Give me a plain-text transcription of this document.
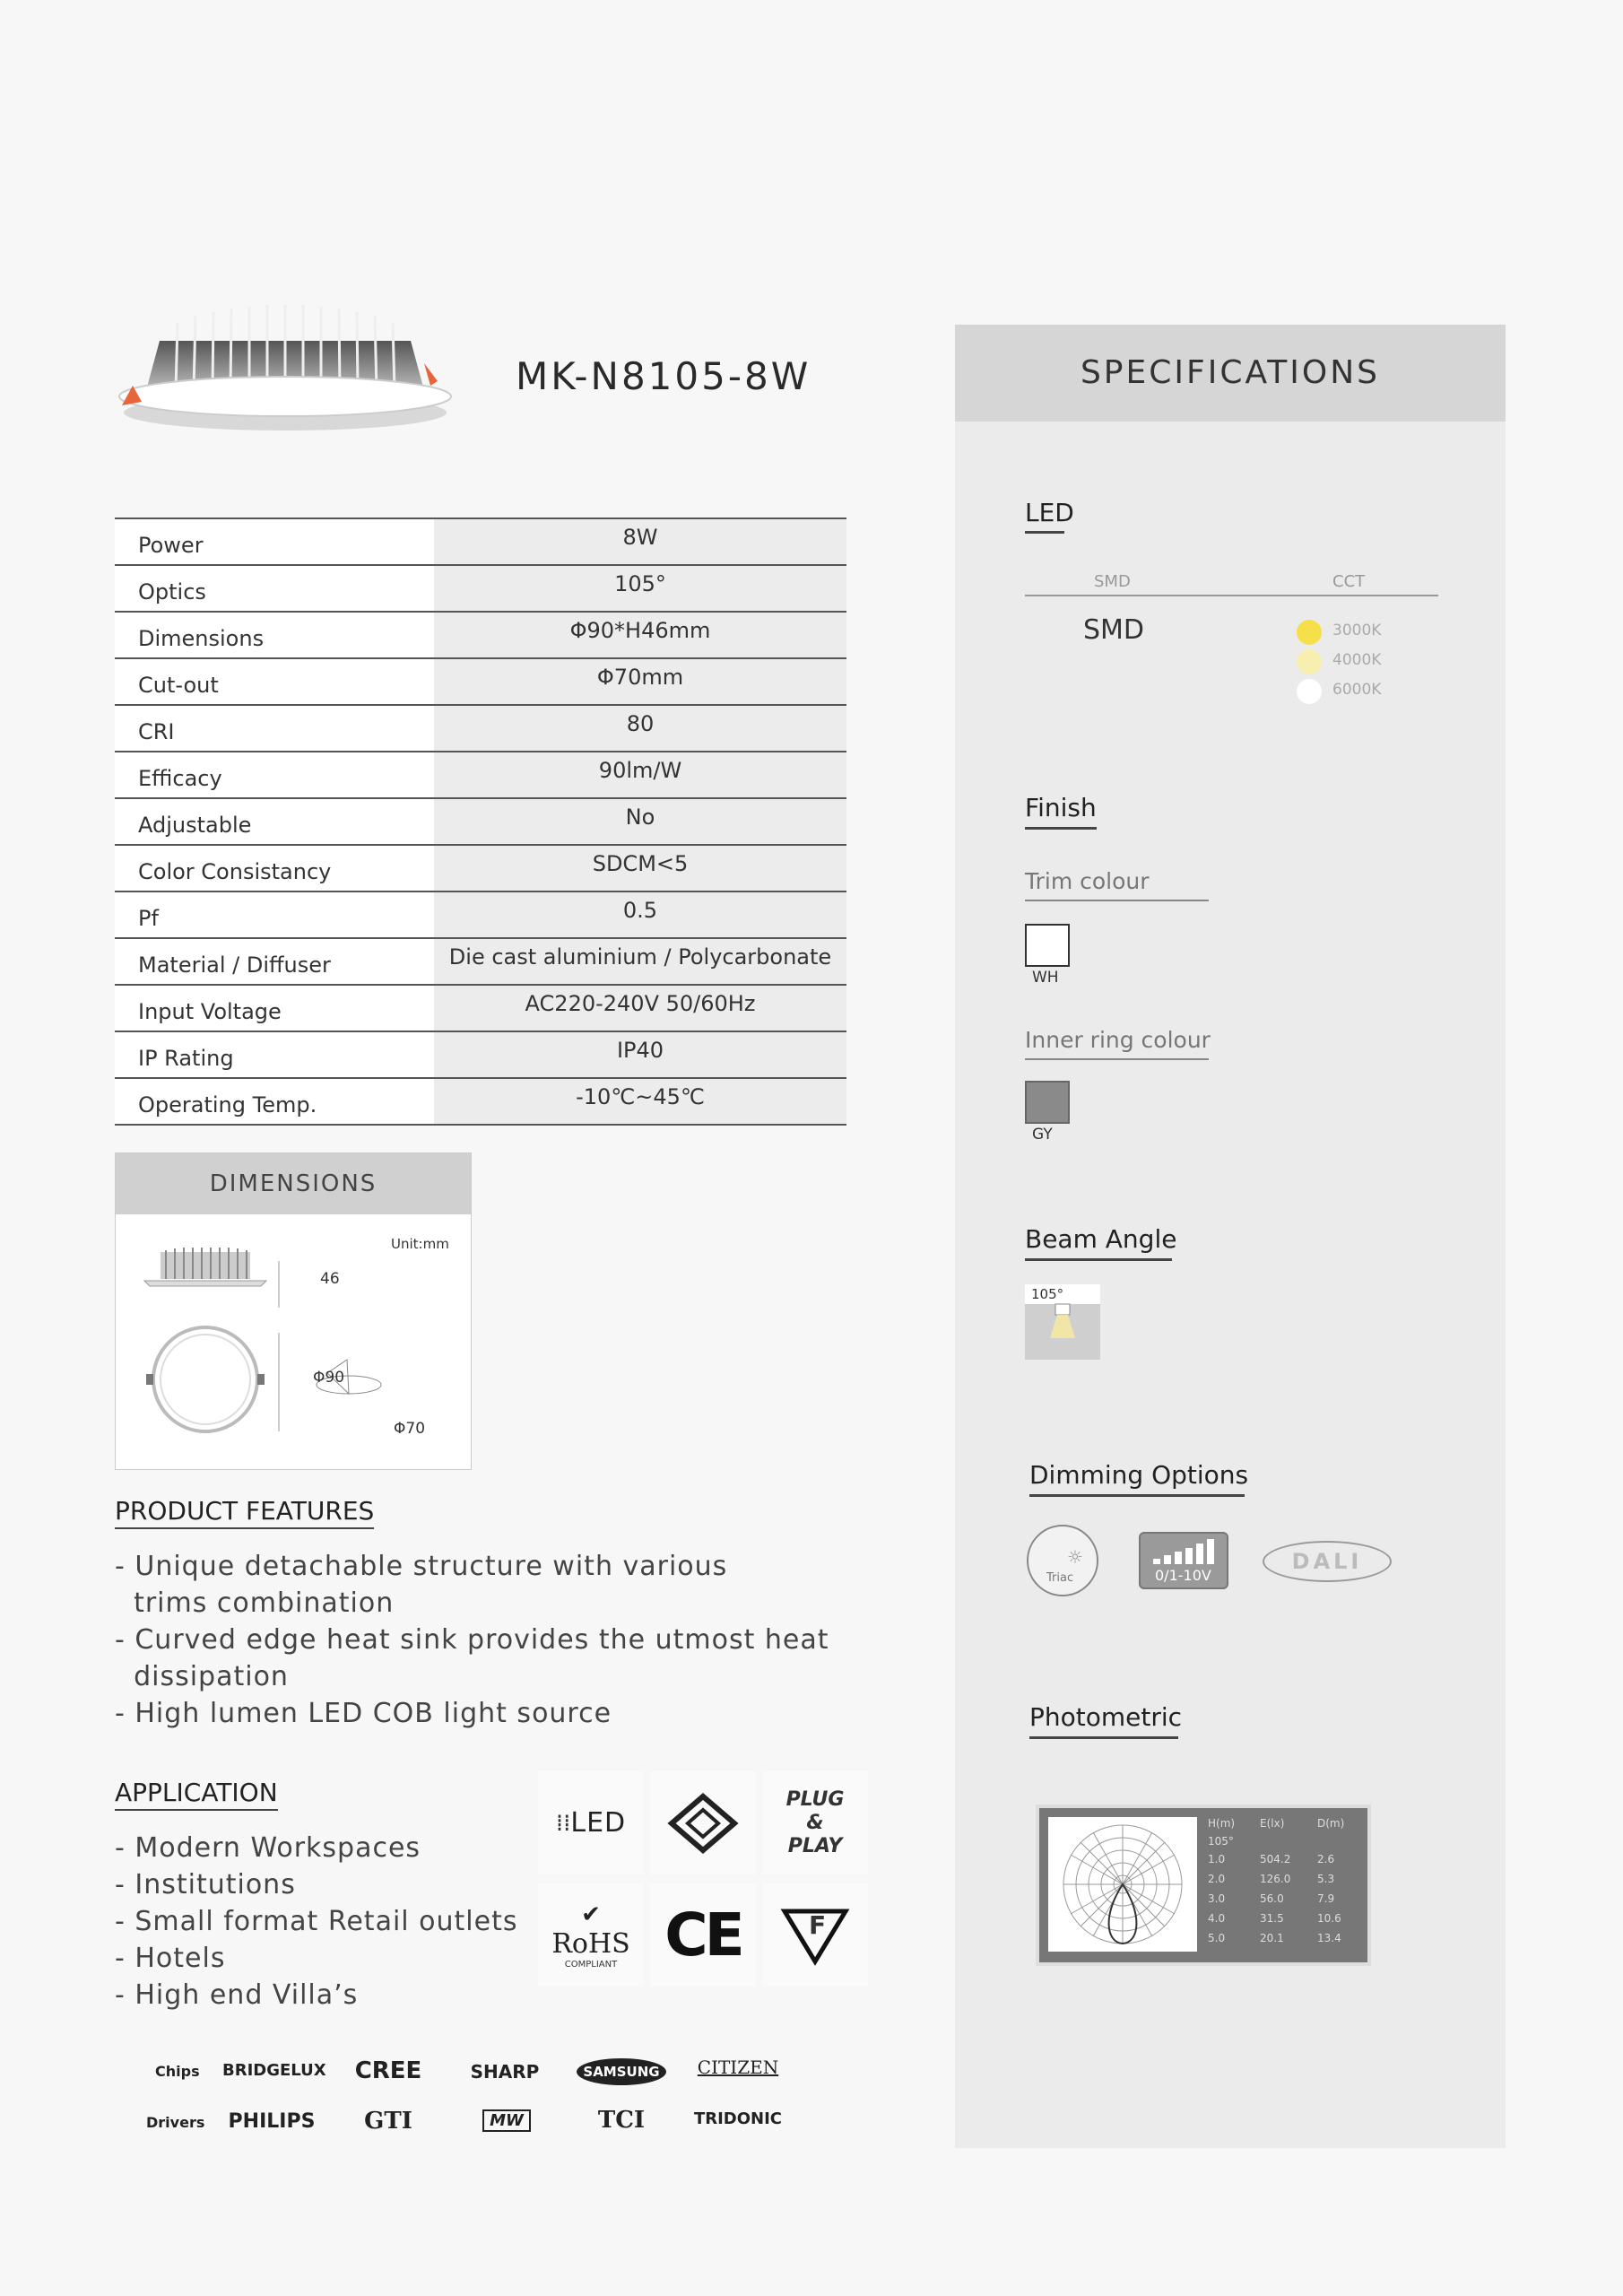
MK-N8105-8W
Power	8W
Optics	105°
Dimensions	Φ90*H46mm
Cut-out	Φ70mm
CRI	80
Efficacy	90lm/W
Adjustable	No
Color Consistancy	SDCM<5
Pf	0.5
Material / Diffuser	Die cast aluminium / Polycarbonate
Input Voltage	AC220-240V 50/60Hz
IP Rating	IP40
Operating Temp.	-10℃~45℃
DIMENSIONS
Unit:mm
46
Φ90
Φ70
PRODUCT FEATURES
- Unique detachable structure with various
trims combination
- Curved edge heat sink provides the utmost heat
dissipation
- High lumen LED COB light source
APPLICATION
- Modern Workspaces
- Institutions
- Small format Retail outlets
- Hotels
- High end Villa’s
⁞⁞ LED
PLUG
&
PLAY
✔
RoHS
COMPLIANT CE	F
Chips
Drivers
BRIDGELUX	CREE	SHARP	SAMSUNG	CITIZEN
PHILIPS	GTI	MW	TCI	TRIDONIC
SPECIFICATIONS
LED
SMD	CCT
SMD	3000K
4000K
6000K
Finish
Trim colour
WH
Inner ring colour
GY
Beam Angle
105°
Dimming Options
☼
Triac	0/1-10V
DALI
Photometric
H(m) E(lx)	D(m)
105°
1.0	504.2 2.6
2.0	126.0 5.3
3.0	56.0	7.9
4.0	31.5	10.6
5.0	20.1	13.4
